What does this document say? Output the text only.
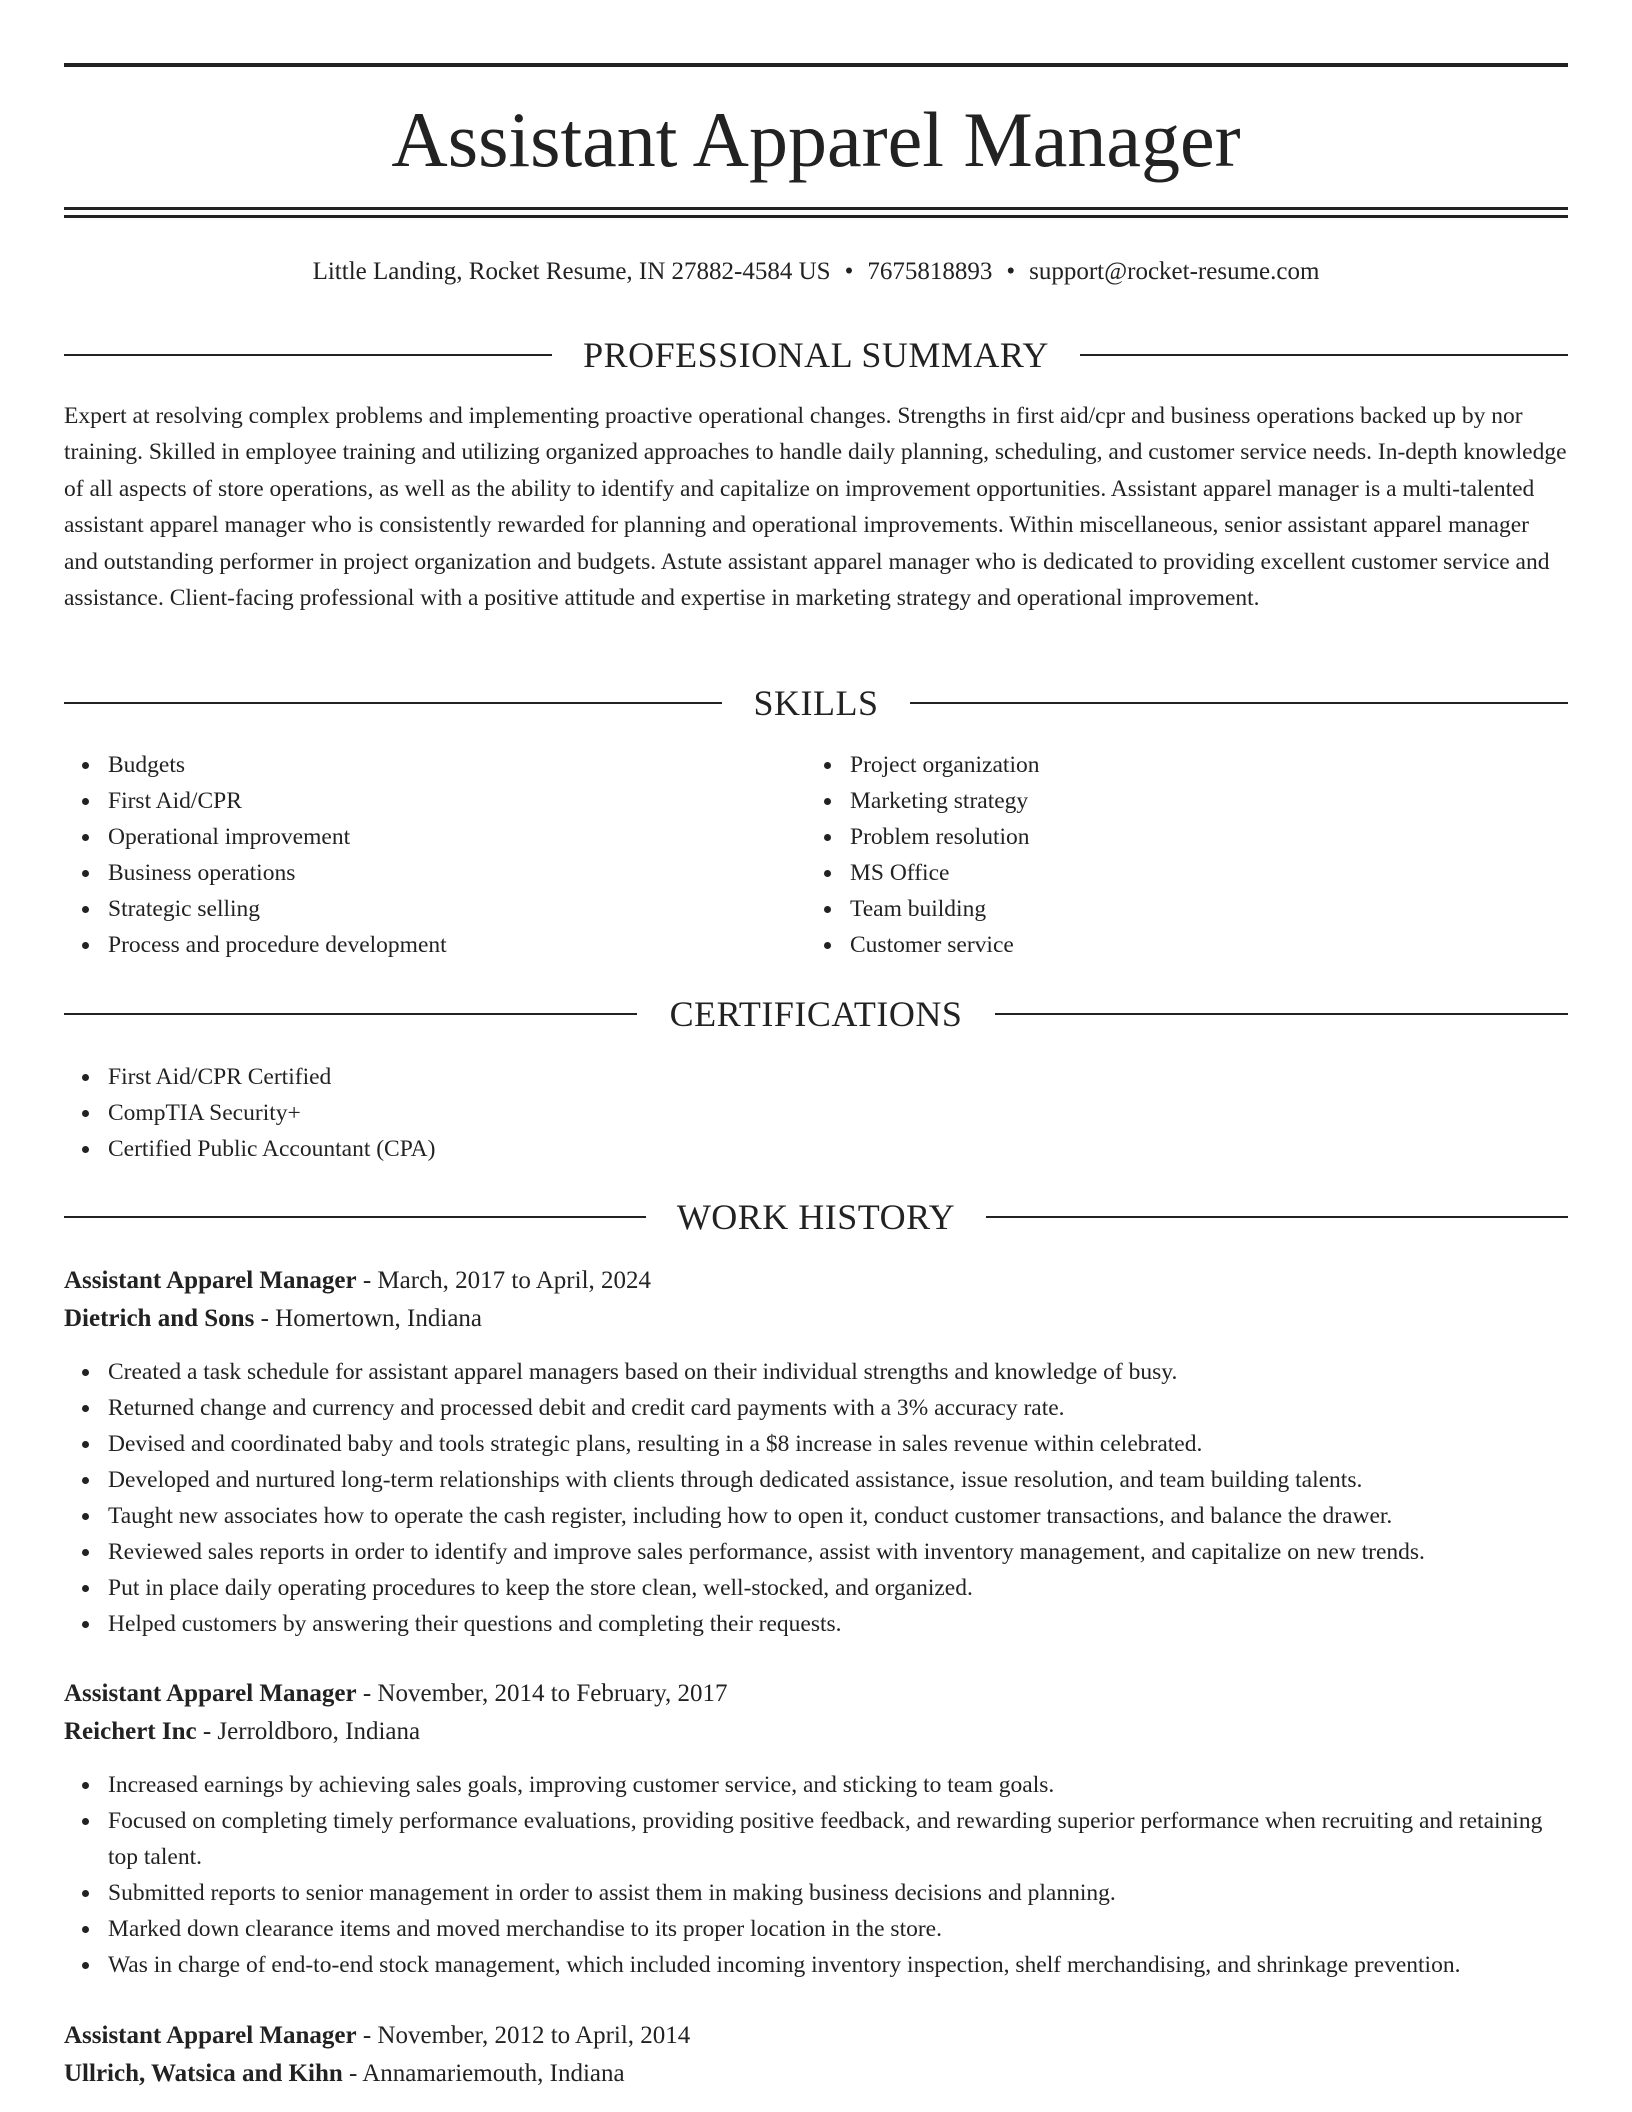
Assistant Apparel Manager
Little Landing, Rocket Resume, IN 27882-4584 US • 7675818893 • support@rocket-resume.com
PROFESSIONAL SUMMARY

Expert at resolving complex problems and implementing proactive operational changes. Strengths in first aid/cpr and business operations backed up by nor training. Skilled in employee training and utilizing organized approaches to handle daily planning, scheduling, and customer service needs. In-depth knowledge of all aspects of store operations, as well as the ability to identify and capitalize on improvement opportunities. Assistant apparel manager is a multi-talented assistant apparel manager who is consistently rewarded for planning and operational improvements. Within miscellaneous, senior assistant apparel manager and outstanding performer in project organization and budgets. Astute assistant apparel manager who is dedicated to providing excellent customer service and assistance. Client-facing professional with a positive attitude and expertise in marketing strategy and operational improvement.

SKILLS
Budgets
First Aid/CPR
Operational improvement
Business operations
Strategic selling
Process and procedure development
Project organization
Marketing strategy
Problem resolution
MS Office
Team building
Customer service
CERTIFICATIONS
First Aid/CPR Certified
CompTIA Security+
Certified Public Accountant (CPA)
WORK HISTORY
Assistant Apparel Manager - March, 2017 to April, 2024
Dietrich and Sons - Homertown, Indiana
Created a task schedule for assistant apparel managers based on their individual strengths and knowledge of busy.
Returned change and currency and processed debit and credit card payments with a 3% accuracy rate.
Devised and coordinated baby and tools strategic plans, resulting in a $8 increase in sales revenue within celebrated.
Developed and nurtured long-term relationships with clients through dedicated assistance, issue resolution, and team building talents.
Taught new associates how to operate the cash register, including how to open it, conduct customer transactions, and balance the drawer.
Reviewed sales reports in order to identify and improve sales performance, assist with inventory management, and capitalize on new trends.
Put in place daily operating procedures to keep the store clean, well-stocked, and organized.
Helped customers by answering their questions and completing their requests.
Assistant Apparel Manager - November, 2014 to February, 2017
Reichert Inc - Jerroldboro, Indiana
Increased earnings by achieving sales goals, improving customer service, and sticking to team goals.
Focused on completing timely performance evaluations, providing positive feedback, and rewarding superior performance when recruiting and retaining top talent.
Submitted reports to senior management in order to assist them in making business decisions and planning.
Marked down clearance items and moved merchandise to its proper location in the store.
Was in charge of end-to-end stock management, which included incoming inventory inspection, shelf merchandising, and shrinkage prevention.
Assistant Apparel Manager - November, 2012 to April, 2014
Ullrich, Watsica and Kihn - Annamariemouth, Indiana
